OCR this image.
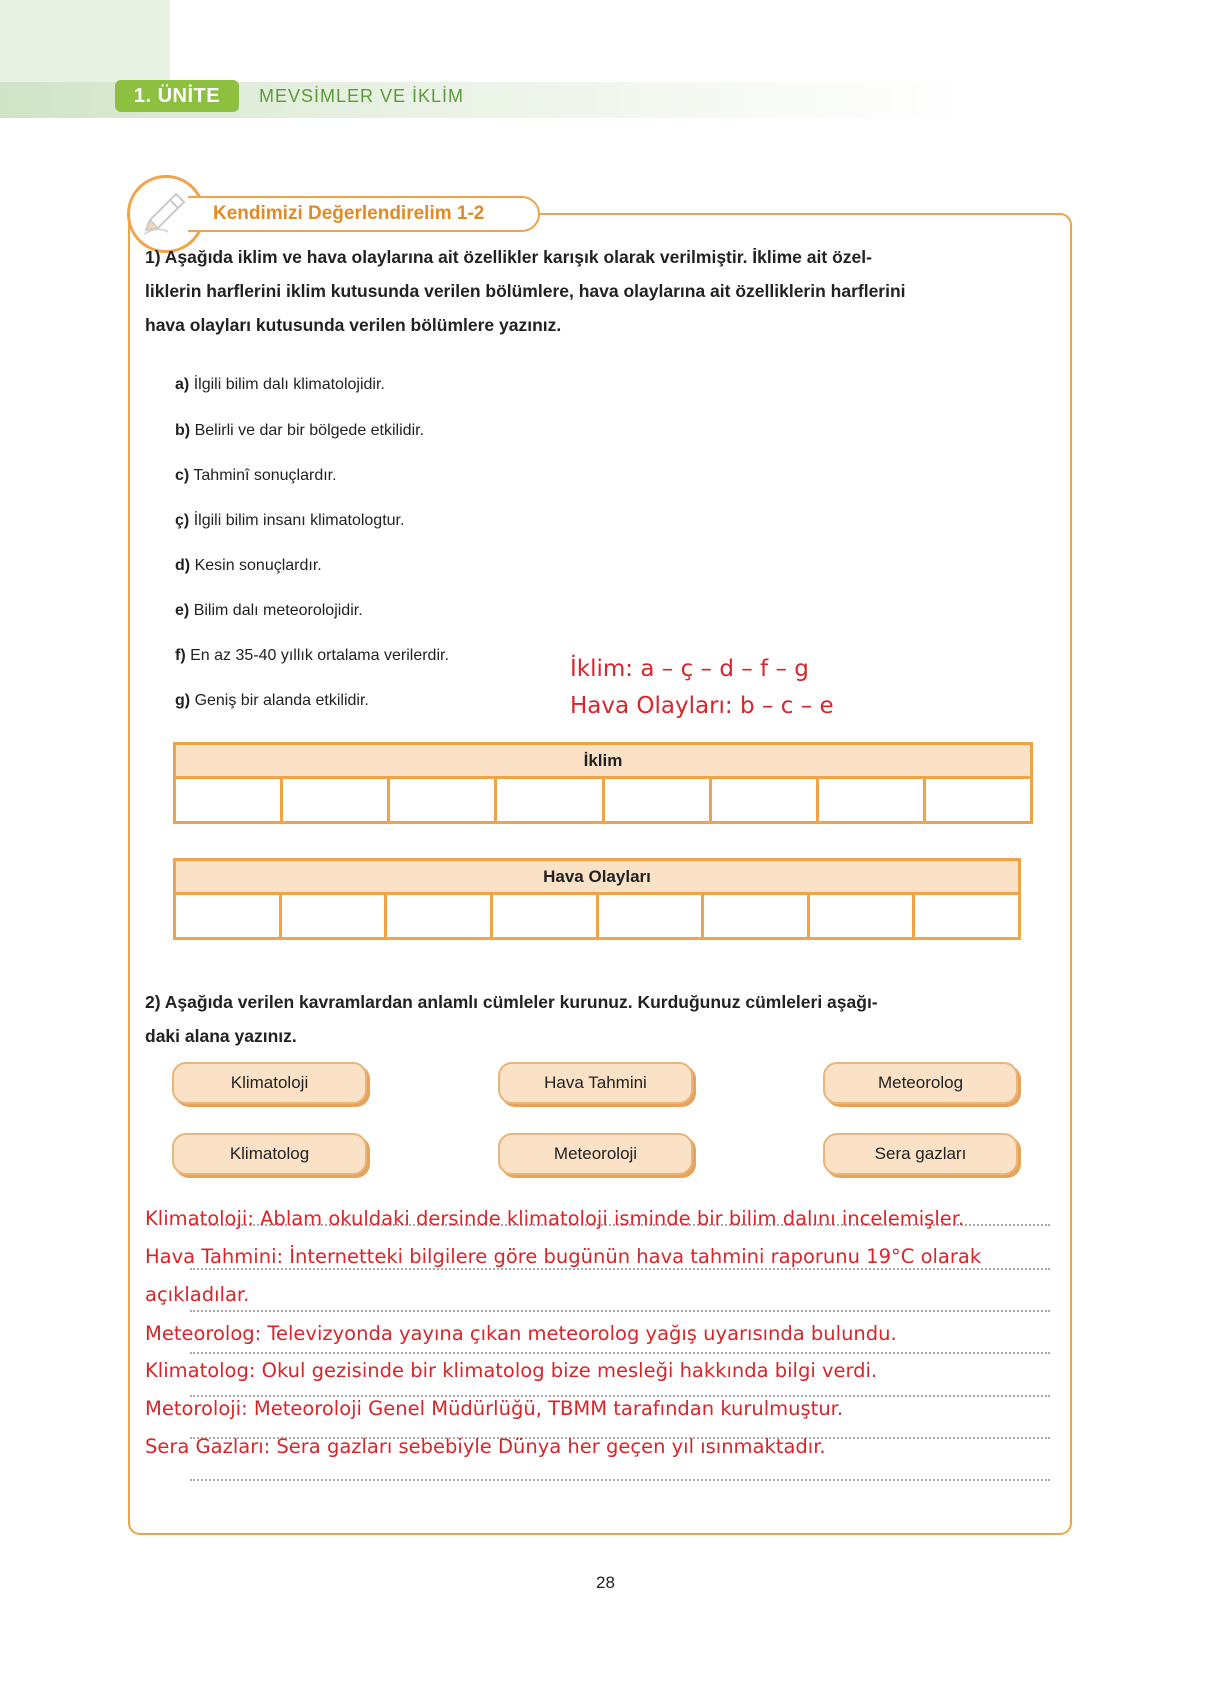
1. ÜNİTE	MEVSİMLER VE İKLİM
Kendimizi Değerlendirelim 1-2
1) Aşağıda iklim ve hava olaylarına ait özellikler karışık olarak verilmiştir. İklime ait özel-
liklerin harflerini iklim kutusunda verilen bölümlere, hava olaylarına ait özelliklerin harflerini
hava olayları kutusunda verilen bölümlere yazınız.
a) İlgili bilim dalı klimatolojidir.
b) Belirli ve dar bir bölgede etkilidir.
c) Tahminî sonuçlardır.
ç) İlgili bilim insanı klimatologtur.
d) Kesin sonuçlardır.
e) Bilim dalı meteorolojidir.
f) En az 35-40 yıllık ortalama verilerdir.
g) Geniş bir alanda etkilidir.
İklim: a – ç – d – f – g
Hava Olayları: b – c – e
İklim
Hava Olayları
2) Aşağıda verilen kavramlardan anlamlı cümleler kurunuz. Kurduğunuz cümleleri aşağı-
daki alana yazınız.
Klimatoloji	Hava Tahmini	Meteorolog
Klimatolog	Meteoroloji	Sera gazları
Klimatoloji: Ablam okuldaki dersinde klimatoloji isminde bir bilim dalını incelemişler.
Hava Tahmini: İnternetteki bilgilere göre bugünün hava tahmini raporunu 19°C olarak
açıkladılar.
Meteorolog: Televizyonda yayına çıkan meteorolog yağış uyarısında bulundu.
Klimatolog: Okul gezisinde bir klimatolog bize mesleği hakkında bilgi verdi.
Metoroloji: Meteoroloji Genel Müdürlüğü, TBMM tarafından kurulmuştur.
Sera Gazları: Sera gazları sebebiyle Dünya her geçen yıl ısınmaktadır.
28
